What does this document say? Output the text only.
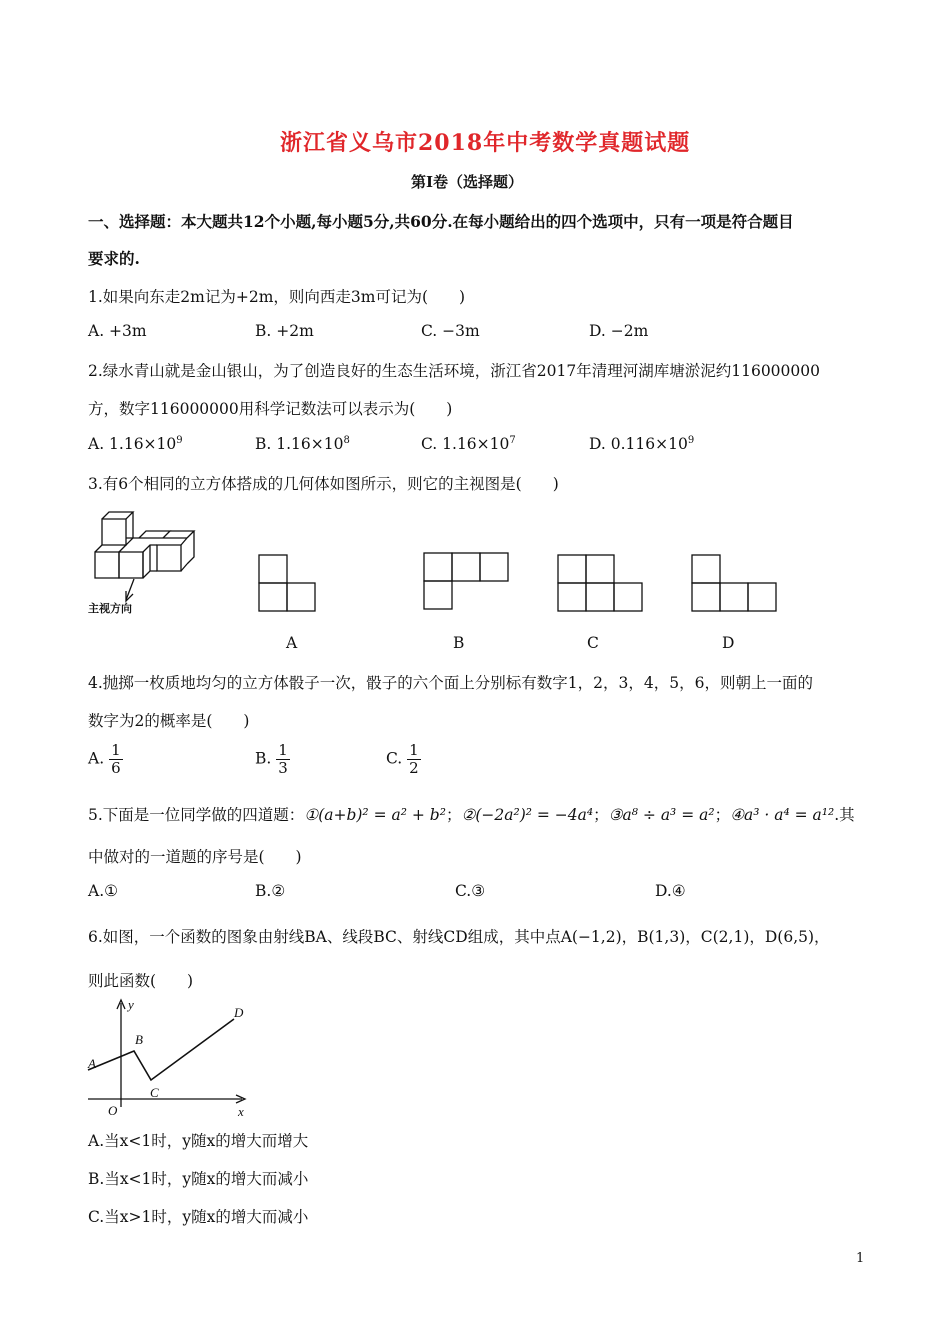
浙江省义乌市2018年中考数学真题试题
第Ⅰ卷（选择题）
一、选择题：本大题共12个小题,每小题5分,共60分.在每小题给出的四个选项中，只有一项是符合题目
要求的.
1.如果向东走2m记为+2m，则向西走3m可记为(　　)
A. +3m	B. +2m	C. −3m	D. −2m
2.绿水青山就是金山银山，为了创造良好的生态生活环境，浙江省2017年清理河湖库塘淤泥约116000000
方，数字116000000用科学记数法可以表示为(　　)
A. $1.16\times 10^9$	B. $1.16\times 10^8$	C. $1.16\times 10^7$	D. $0.116\times 10^9$
3.有6个相同的立方体搭成的几何体如图所示，则它的主视图是(　　)
主视方向
A	B	C	D
4.抛掷一枚质地均匀的立方体骰子一次，骰子的六个面上分别标有数字1，2，3，4，5，6，则朝上一面的
数字为2的概率是(　　)
A. $\frac{1}{6}$	B. $\frac{1}{3}$	C. $\frac{1}{2}$
5.下面是一位同学做的四道题：①(a+b)² = a² + b²；②(−2a²)² = −4a⁴；③a⁸ ÷ a³ = a²；④a³ · a⁴ = a¹².其
中做对的一道题的序号是(　　)
A.①	B.②	C.③	D.④
6.如图，一个函数的图象由射线BA、线段BC、射线CD组成，其中点A(−1,2)，B(1,3)，C(2,1)，D(6,5)，
则此函数(　　)
y
x
O
A
B
C
D
A.当x<1时，y随x的增大而增大
B.当x<1时，y随x的增大而减小
C.当x>1时，y随x的增大而减小
1
